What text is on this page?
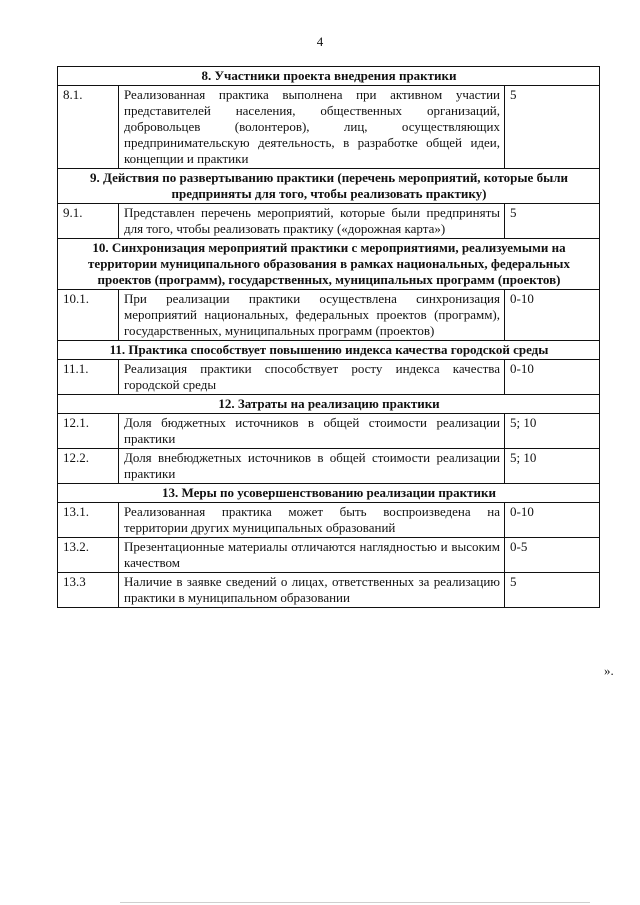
4
8. Участники проекта внедрения практики		
8.1.	Реализованная практика выполнена при активном участии представителей населения, общественных организаций, добровольцев (волонтеров), лиц, осуществляющих предпринимательскую деятельность, в разработке общей идеи, концепции и практики	5
9. Действия по развертыванию практики (перечень мероприятий, которые были предприняты для того, чтобы реализовать практику)		
9.1.	Представлен перечень мероприятий, которые были предприняты для того, чтобы реализовать практику («дорожная карта»)	5
10. Синхронизация мероприятий практики с мероприятиями, реализуемыми на территории муниципального образования в рамках национальных, федеральных проектов (программ), государственных, муниципальных программ (проектов)		
10.1.	При реализации практики осуществлена синхронизация мероприятий национальных, федеральных проектов (программ), государственных, муниципальных программ (проектов)	0-10
11. Практика способствует повышению индекса качества городской среды		
11.1.	Реализация практики способствует росту индекса качества городской среды	0-10
12. Затраты на реализацию практики		
12.1.	Доля бюджетных источников в общей стоимости реализации практики	5; 10
12.2.	Доля внебюджетных источников в общей стоимости реализации практики	5; 10
13. Меры по усовершенствованию реализации практики		
13.1.	Реализованная практика может быть воспроизведена на территории других муниципальных образований	0-10
13.2.	Презентационные материалы отличаются наглядностью и высоким качеством	0-5
13.3	Наличие в заявке сведений о лицах, ответственных за реализацию практики в муниципальном образовании	5
».
